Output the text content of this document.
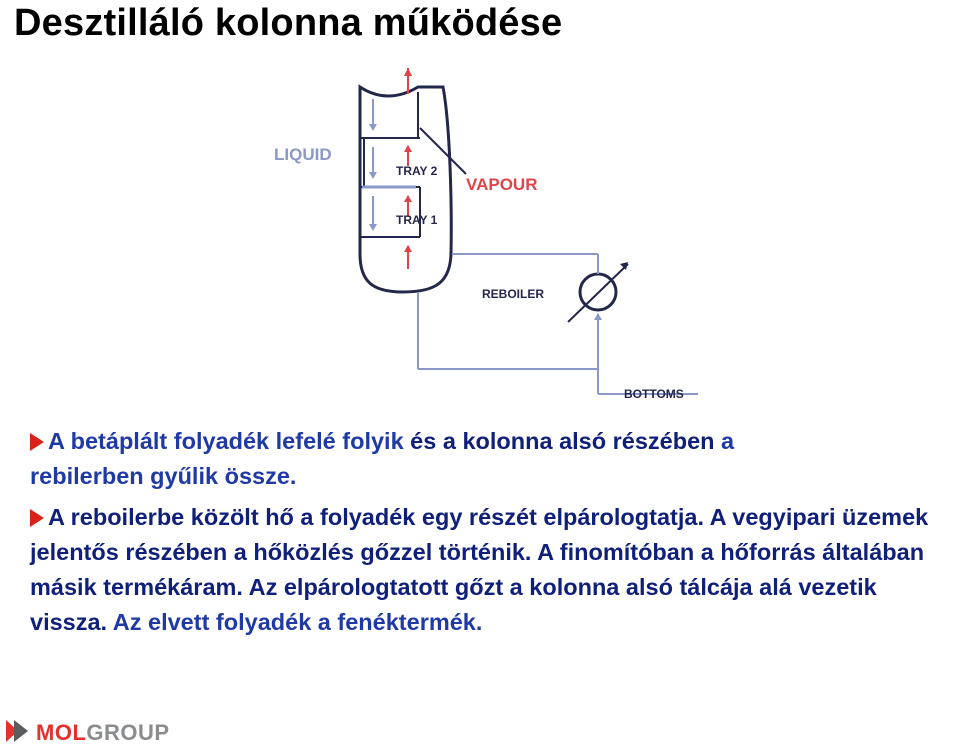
Desztilláló kolonna működése
LIQUID
TRAY 2
TRAY 1
VAPOUR
BOTTOMS
REBOILER

A betáplált folyadék lefelé folyik és a kolonna alsó részében a
rebilerben gyűlik össze.

A reboilerbe közölt hő a folyadék egy részét elpárologtatja. A vegyipari üzemek jelentős részében a hőközlés gőzzel történik. A finomítóban a hőforrás általában másik termékáram. Az elpárologtatott gőzt a kolonna alsó tálcája alá vezetik vissza. Az elvett folyadék a fenéktermék.

MOLGROUP
